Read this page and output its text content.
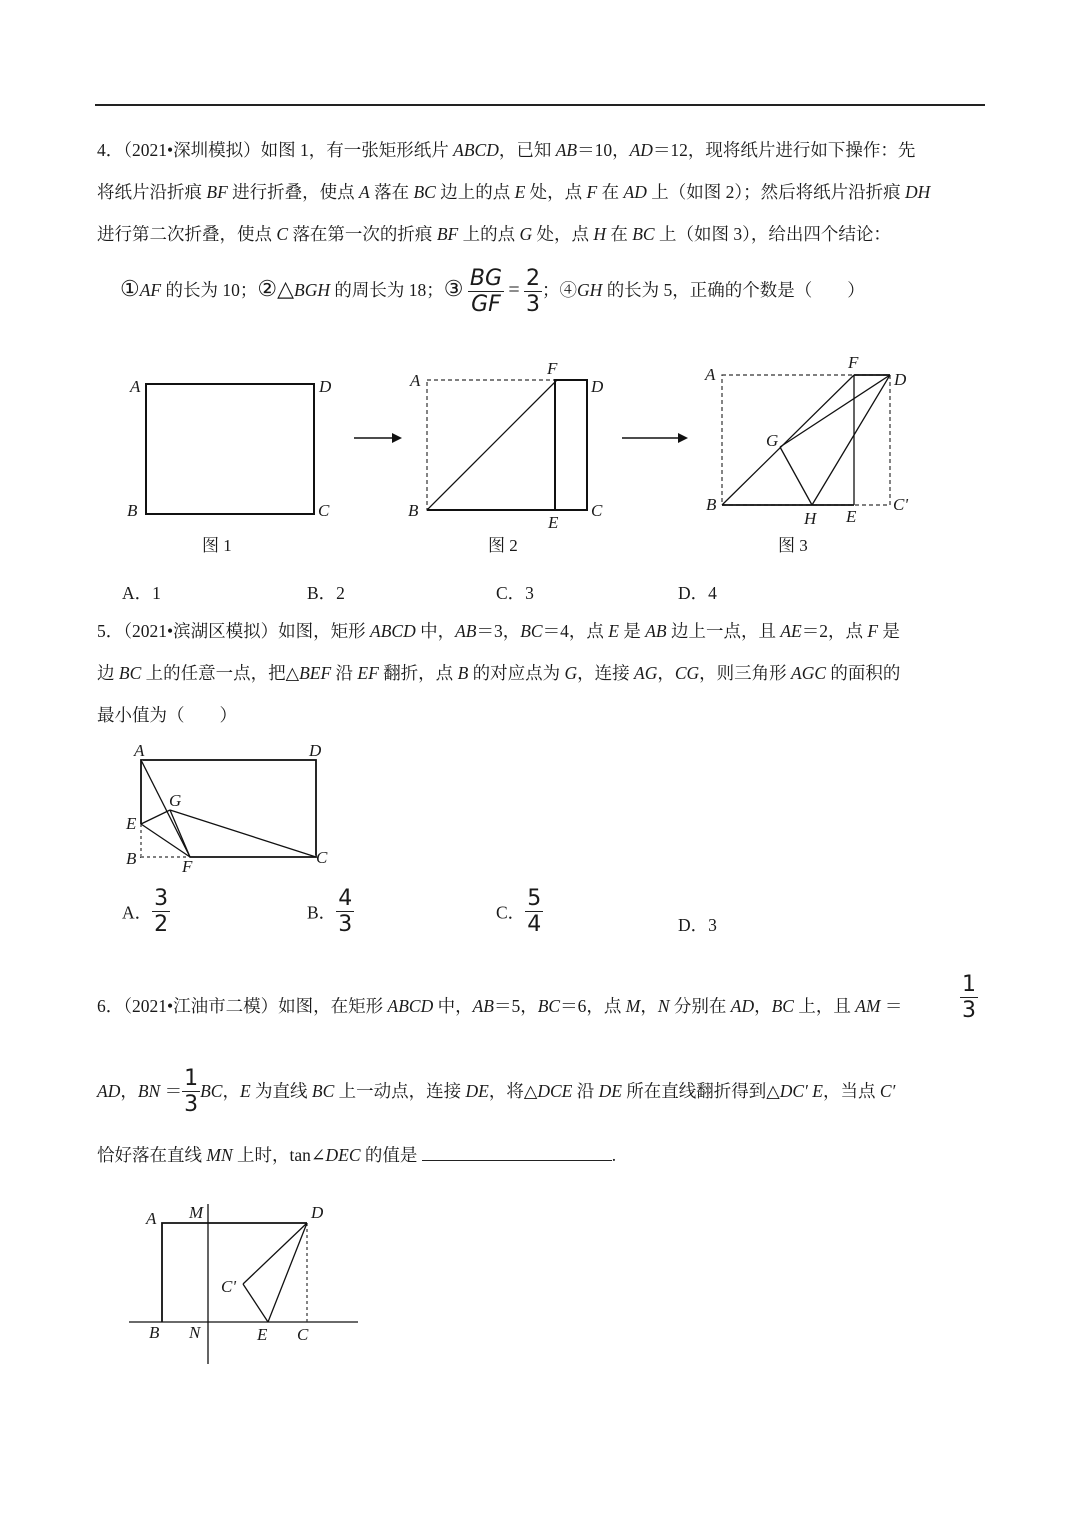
4．（2021•深圳模拟）如图 1，有一张矩形纸片 ABCD，已知 AB＝10，AD＝12，现将纸片进行如下操作：先
将纸片沿折痕 BF 进行折叠，使点 A 落在 BC 边上的点 E 处，点 F 在 AD 上（如图 2）；然后将纸片沿折痕 DH
进行第二次折叠，使点 C 落在第一次的折痕 BF 上的点 G 处，点 H 在 BC 上（如图 3），给出四个结论：
①AF 的长为 10；②△BGH 的周长为 18；③ $\frac{BG}{GF} = \frac{2}{3}$ ；④GH 的长为 5，正确的个数是（　　）
A	D
B	C
图 1
A
F
D
B
E
C
图 2
A
F
D
G
B
H E
C'
图 3
A．1	B．2	C．3	D．4
5．（2021•滨湖区模拟）如图，矩形 ABCD 中，AB＝3，BC＝4，点 E 是 AB 边上一点，且 AE＝2，点 F 是
边 BC 上的任意一点，把△BEF 沿 EF 翻折，点 B 的对应点为 G，连接 AG，CG，则三角形 AGC 的面积的
最小值为（　　）
A	D
G
E
B	F	C
A． $\frac{3}{2}$	B． $\frac{4}{3}$	C． $\frac{5}{4}$	D．3
6．（2021•江油市二模）如图，在矩形 ABCD 中，AB＝5，BC＝6，点 M，N 分别在 AD，BC 上，且 AM ＝
1
3
AD，BN ＝ $\frac{1}{3}$ BC，E 为直线 BC 上一动点，连接 DE，将△DCE 沿 DE 所在直线翻折得到△DC′ E，当点 C′
恰好落在直线 MN 上时，tan∠DEC 的值是	.
A M	D
C'
B N	E C
